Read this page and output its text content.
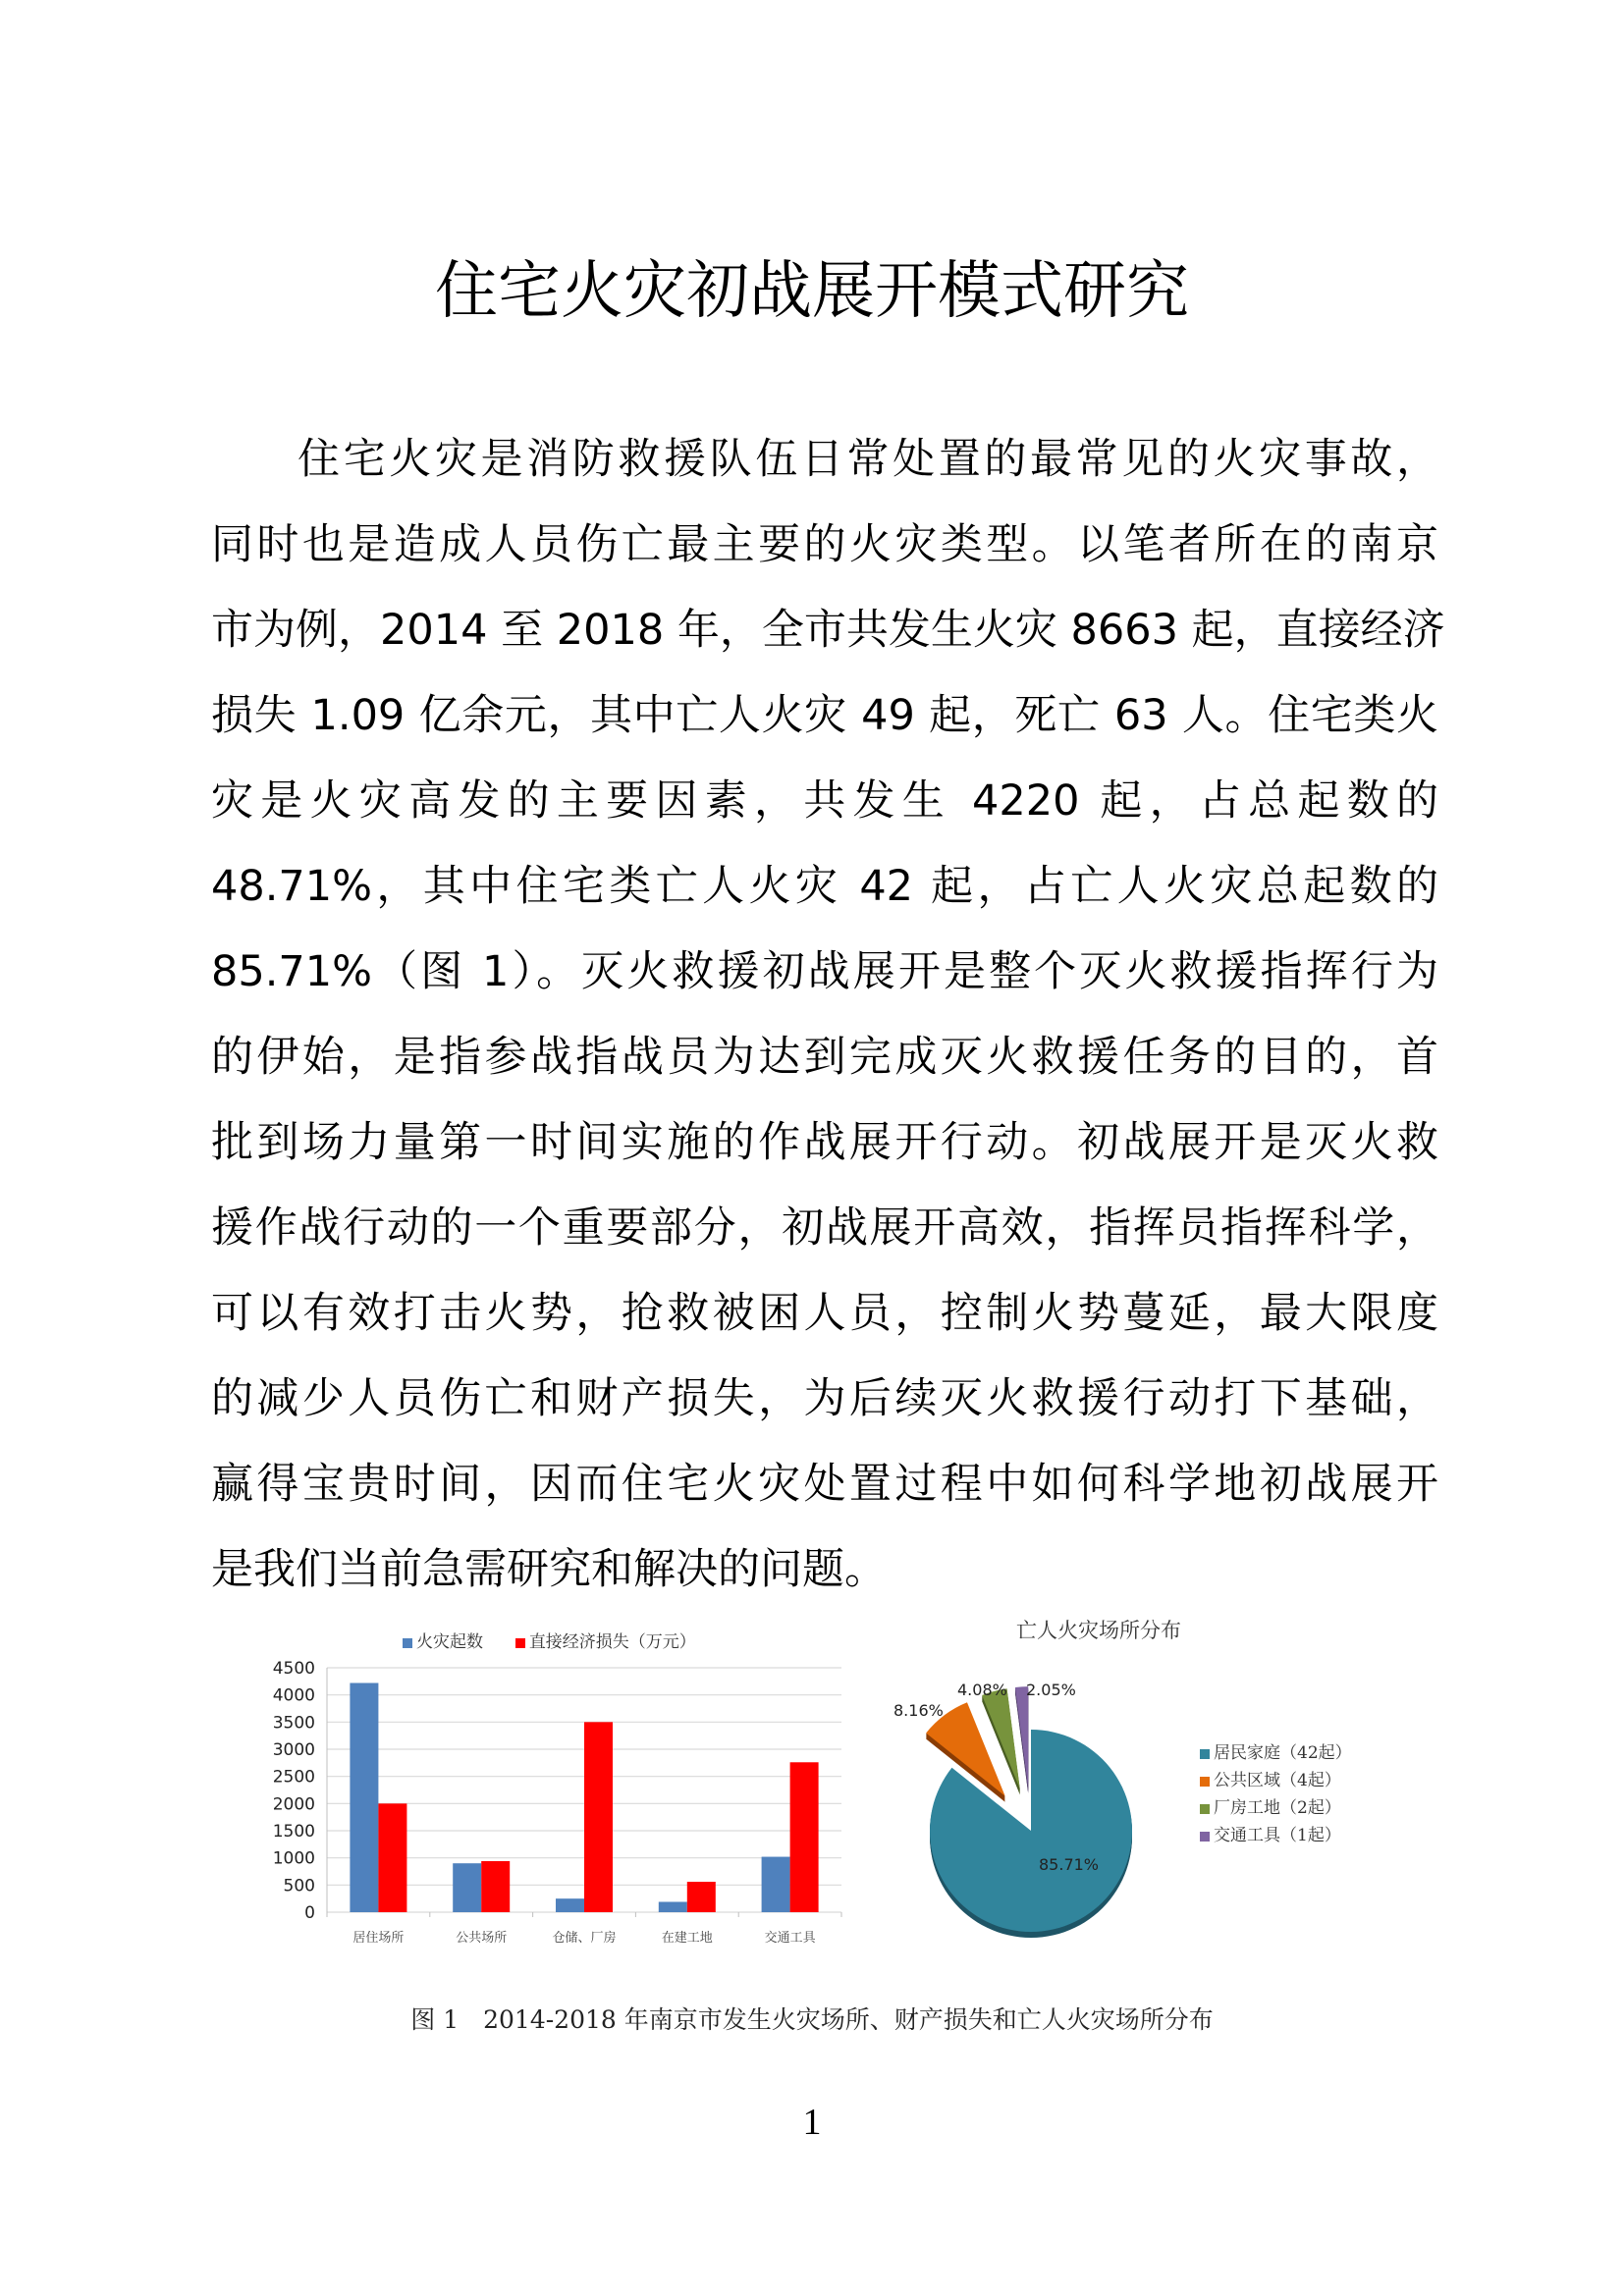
住宅火灾初战展开模式研究
住宅火灾是消防救援队伍日常处置的最常见的火灾事故，
同时也是造成人员伤亡最主要的火灾类型。以笔者所在的南京
市为例，2014 至 2018 年，全市共发生火灾 8663 起，直接经济
损失 1.09 亿余元，其中亡人火灾 49 起，死亡 63 人。住宅类火
灾是火灾高发的主要因素，共发生 4220 起，占总起数的
48.71%，其中住宅类亡人火灾 42 起，占亡人火灾总起数的
85.71%（图 1）。灭火救援初战展开是整个灭火救援指挥行为
的伊始，是指参战指战员为达到完成灭火救援任务的目的，首
批到场力量第一时间实施的作战展开行动。初战展开是灭火救
援作战行动的一个重要部分，初战展开高效，指挥员指挥科学，
可以有效打击火势，抢救被困人员，控制火势蔓延，最大限度
的减少人员伤亡和财产损失，为后续灭火救援行动打下基础，
赢得宝贵时间，因而住宅火灾处置过程中如何科学地初战展开
是我们当前急需研究和解决的问题。
火灾起数	直接经济损失（万元）
0
500
1000
1500
2000
2500
3000
3500
4000
4500
居住场所	公共场所	仓储、厂房	在建工地	交通工具
亡人火灾场所分布
85.71%
8.16%
4.08% 2.05%
居民家庭（42起）
公共区域（4起）
厂房工地（2起）
交通工具（1起）
图 1　2014-2018 年南京市发生火灾场所、财产损失和亡人火灾场所分布
1
